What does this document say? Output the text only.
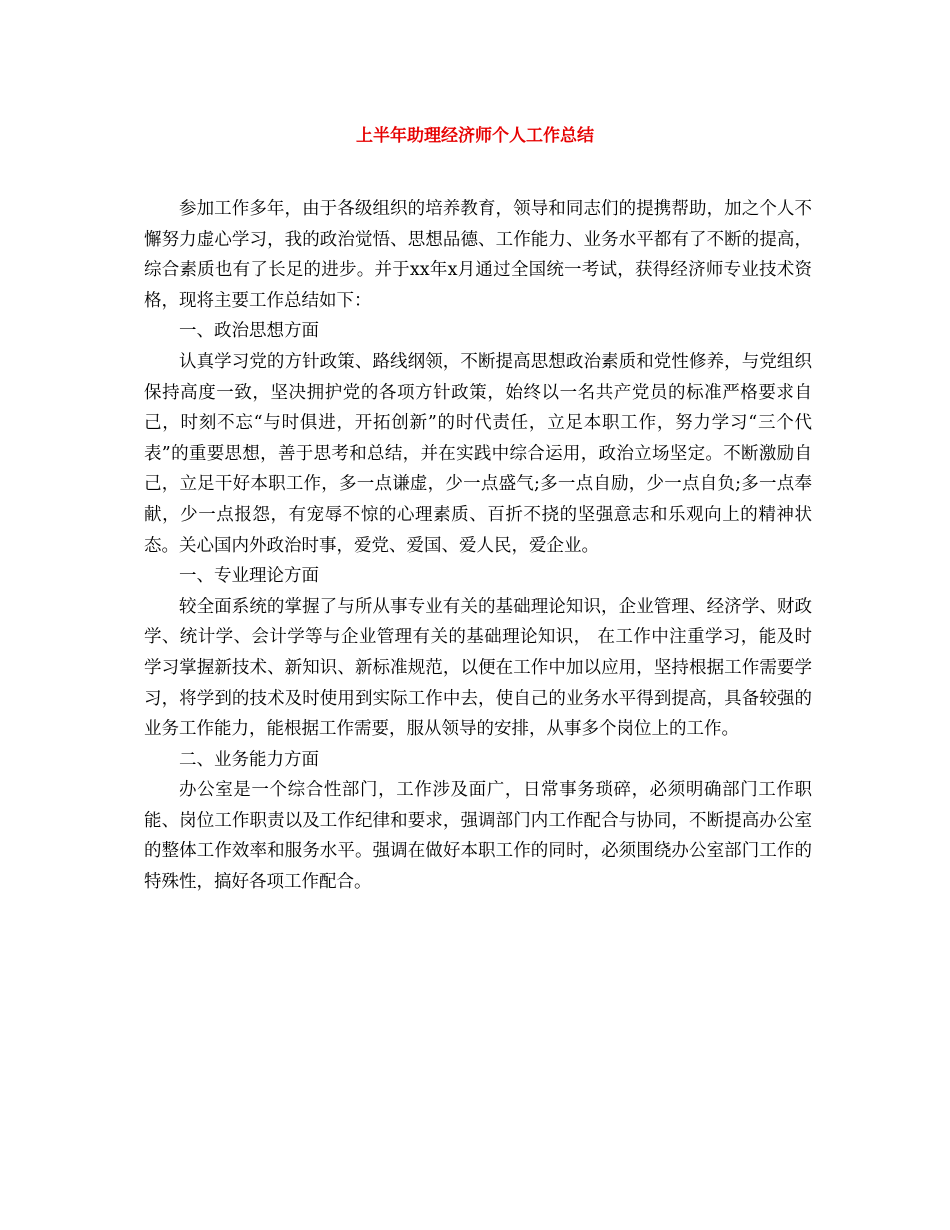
上半年助理经济师个人工作总结

参加工作多年，由于各级组织的培养教育，领导和同志们的提携帮助，加之个人不懈努力虚心学习，我的政治觉悟、思想品德、工作能力、业务水平都有了不断的提高，综合素质也有了长足的进步。并于xx年x月通过全国统一考试，获得经济师专业技术资格，现将主要工作总结如下：

一、政治思想方面

认真学习党的方针政策、路线纲领，不断提高思想政治素质和党性修养，与党组织保持高度一致，坚决拥护党的各项方针政策，始终以一名共产党员的标准严格要求自己，时刻不忘“与时俱进，开拓创新”的时代责任，立足本职工作，努力学习“三个代表”的重要思想，善于思考和总结，并在实践中综合运用，政治立场坚定。不断激励自己，立足干好本职工作，多一点谦虚，少一点盛气;多一点自励，少一点自负;多一点奉献，少一点报怨，有宠辱不惊的心理素质、百折不挠的坚强意志和乐观向上的精神状态。关心国内外政治时事，爱党、爱国、爱人民，爱企业。

一、专业理论方面

较全面系统的掌握了与所从事专业有关的基础理论知识，企业管理、经济学、财政学、统计学、会计学等与企业管理有关的基础理论知识， 在工作中注重学习，能及时学习掌握新技术、新知识、新标准规范，以便在工作中加以应用，坚持根据工作需要学习，将学到的技术及时使用到实际工作中去，使自己的业务水平得到提高，具备较强的业务工作能力，能根据工作需要，服从领导的安排，从事多个岗位上的工作。

二、业务能力方面

办公室是一个综合性部门，工作涉及面广，日常事务琐碎，必须明确部门工作职能、岗位工作职责以及工作纪律和要求，强调部门内工作配合与协同，不断提高办公室的整体工作效率和服务水平。强调在做好本职工作的同时，必须围绕办公室部门工作的特殊性，搞好各项工作配合。
